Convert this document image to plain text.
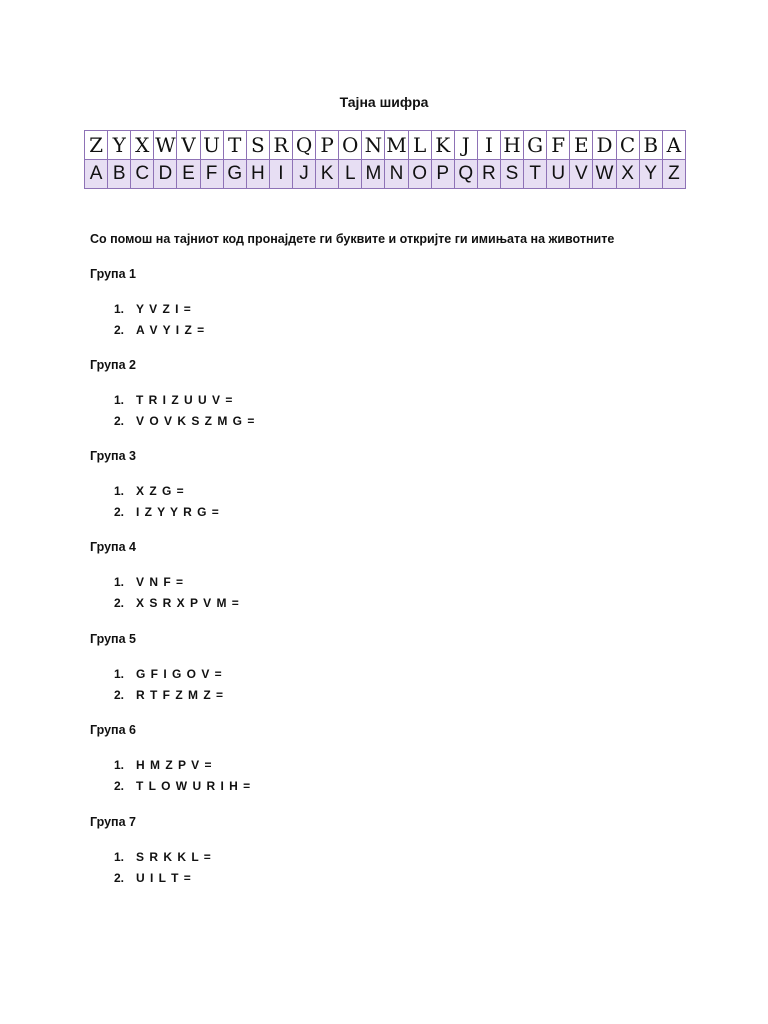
Тајна шифра
Z	Y	X	W	V	U	T	S	R	Q	P	O	N	M	L	K	J	I	H	G	F	E	D	C	B	A
A	B	C	D	E	F	G	H	I	J	K	L	M	N	O	P	Q	R	S	T	U	V	W	X	Y	Z
Со помош на тајниот код пронајдете ги буквите и откријте ги имињата на животните
Група 1
1. Y V Z I =
2. A V Y I Z =
Група 2
1. T R I Z U U V =
2. V O V K S Z M G =
Група 3
1. X Z G =
2. I Z Y Y R G =
Група 4
1. V N F =
2. X S R X P V M =
Група 5
1. G F I G O V =
2. R T F Z M Z =
Група 6
1. H M Z P V =
2. T L O W U R I H =
Група 7
1. S R K K L =
2. U I L T =
